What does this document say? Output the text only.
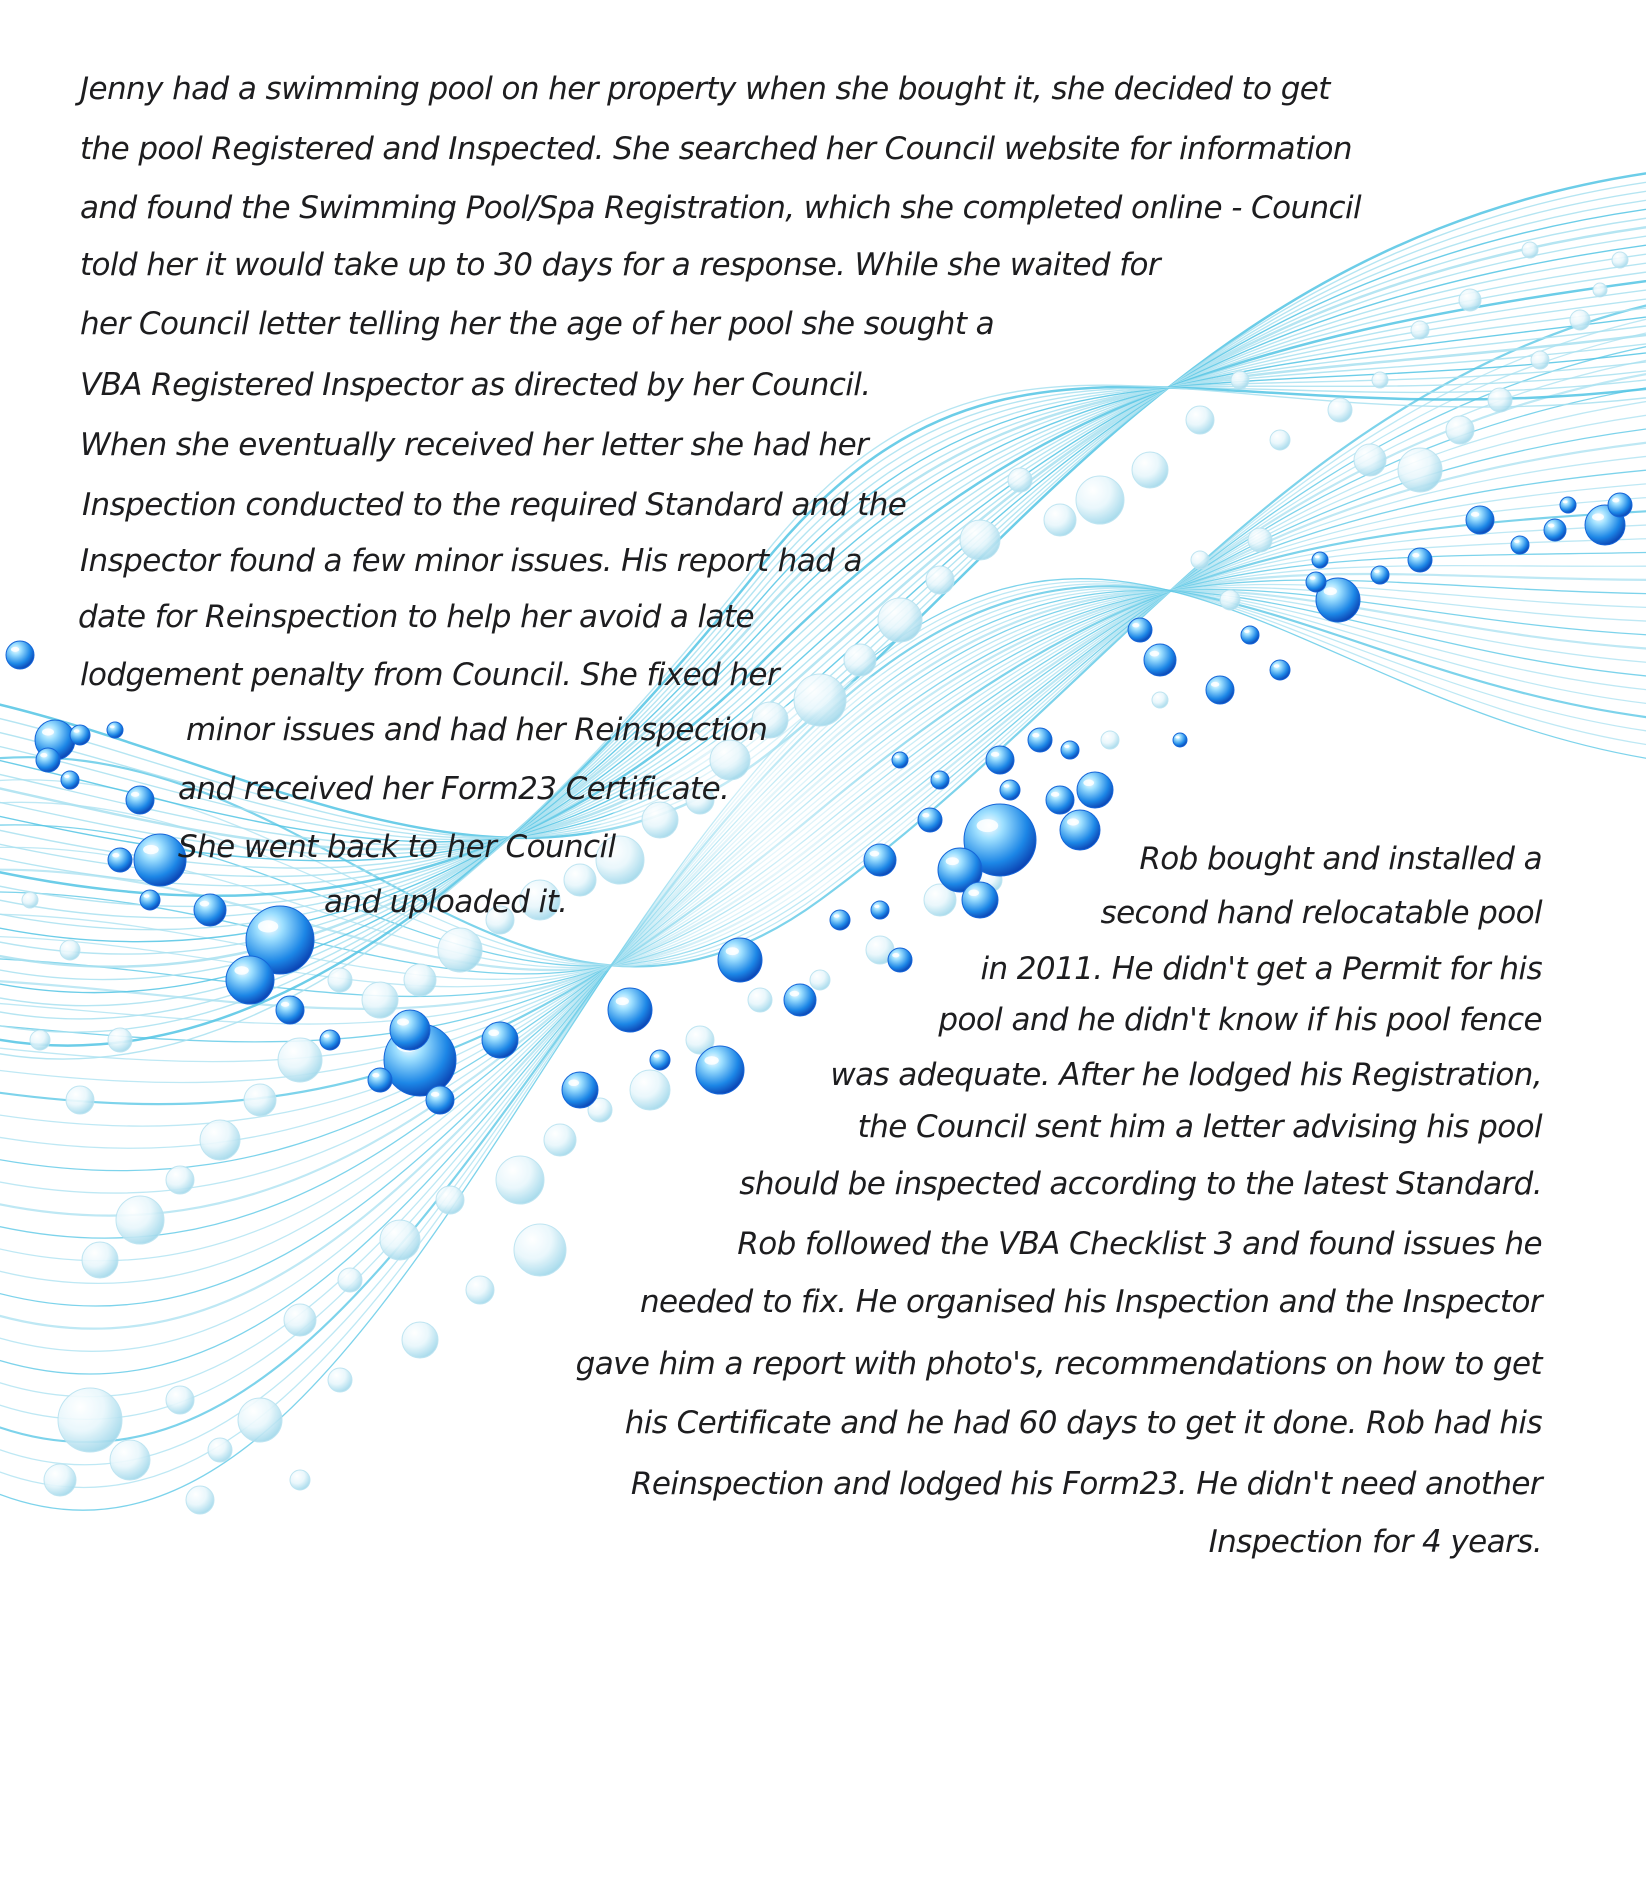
Jenny had a swimming pool on her property when she bought it, she decided to get
the pool Registered and Inspected. She searched her Council website for information
and found the Swimming Pool/Spa Registration, which she completed online - Council
told her it would take up to 30 days for a response. While she waited for
her Council letter telling her the age of her pool she sought a
VBA Registered Inspector as directed by her Council.
When she eventually received her letter she had her
Inspection conducted to the required Standard and the
Inspector found a few minor issues. His report had a
date for Reinspection to help her avoid a late
lodgement penalty from Council. She fixed her
minor issues and had her Reinspection
and received her Form23 Certificate.
She went back to her Council
and uploaded it.
Rob bought and installed a
second hand relocatable pool
in 2011. He didn't get a Permit for his
pool and he didn't know if his pool fence
was adequate. After he lodged his Registration,
the Council sent him a letter advising his pool
should be inspected according to the latest Standard.
Rob followed the VBA Checklist 3 and found issues he
needed to fix. He organised his Inspection and the Inspector
gave him a report with photo's, recommendations on how to get
his Certificate and he had 60 days to get it done. Rob had his
Reinspection and lodged his Form23. He didn't need another
Inspection for 4 years.
